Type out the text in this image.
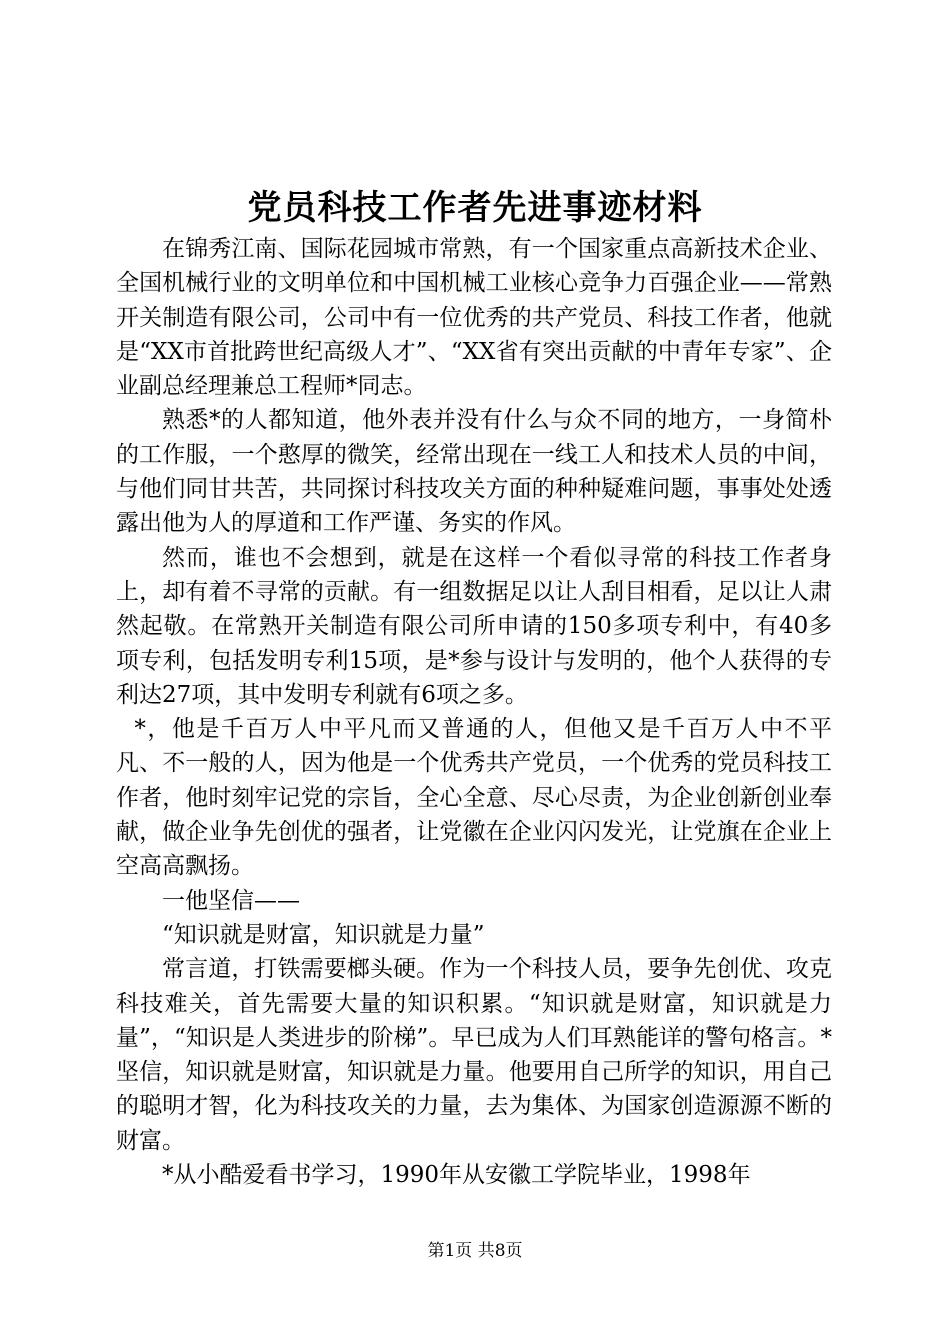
党员科技工作者先进事迹材料

在锦秀江南、国际花园城市常熟，有一个国家重点高新技术企业、全国机械行业的文明单位和中国机械工业核心竞争力百强企业——常熟开关制造有限公司，公司中有一位优秀的共产党员、科技工作者，他就是“XX市首批跨世纪高级人才”、“XX省有突出贡献的中青年专家”、企业副总经理兼总工程师*同志。

熟悉*的人都知道，他外表并没有什么与众不同的地方，一身简朴的工作服，一个憨厚的微笑，经常出现在一线工人和技术人员的中间，与他们同甘共苦，共同探讨科技攻关方面的种种疑难问题，事事处处透露出他为人的厚道和工作严谨、务实的作风。

然而，谁也不会想到，就是在这样一个看似寻常的科技工作者身上，却有着不寻常的贡献。有一组数据足以让人刮目相看，足以让人肃然起敬。在常熟开关制造有限公司所申请的150多项专利中，有40多项专利，包括发明专利15项，是*参与设计与发明的，他个人获得的专利达27项，其中发明专利就有6项之多。

*，他是千百万人中平凡而又普通的人，但他又是千百万人中不平凡、不一般的人，因为他是一个优秀共产党员，一个优秀的党员科技工作者，他时刻牢记党的宗旨，全心全意、尽心尽责，为企业创新创业奉献，做企业争先创优的强者，让党徽在企业闪闪发光，让党旗在企业上空高高飘扬。

一他坚信——

“知识就是财富，知识就是力量”

常言道，打铁需要榔头硬。作为一个科技人员，要争先创优、攻克科技难关，首先需要大量的知识积累。“知识就是财富，知识就是力量”，“知识是人类进步的阶梯”。早已成为人们耳熟能详的警句格言。*坚信，知识就是财富，知识就是力量。他要用自己所学的知识，用自己的聪明才智，化为科技攻关的力量，去为集体、为国家创造源源不断的财富。

*从小酷爱看书学习，1990年从安徽工学院毕业，1998年

第1页 共8页
